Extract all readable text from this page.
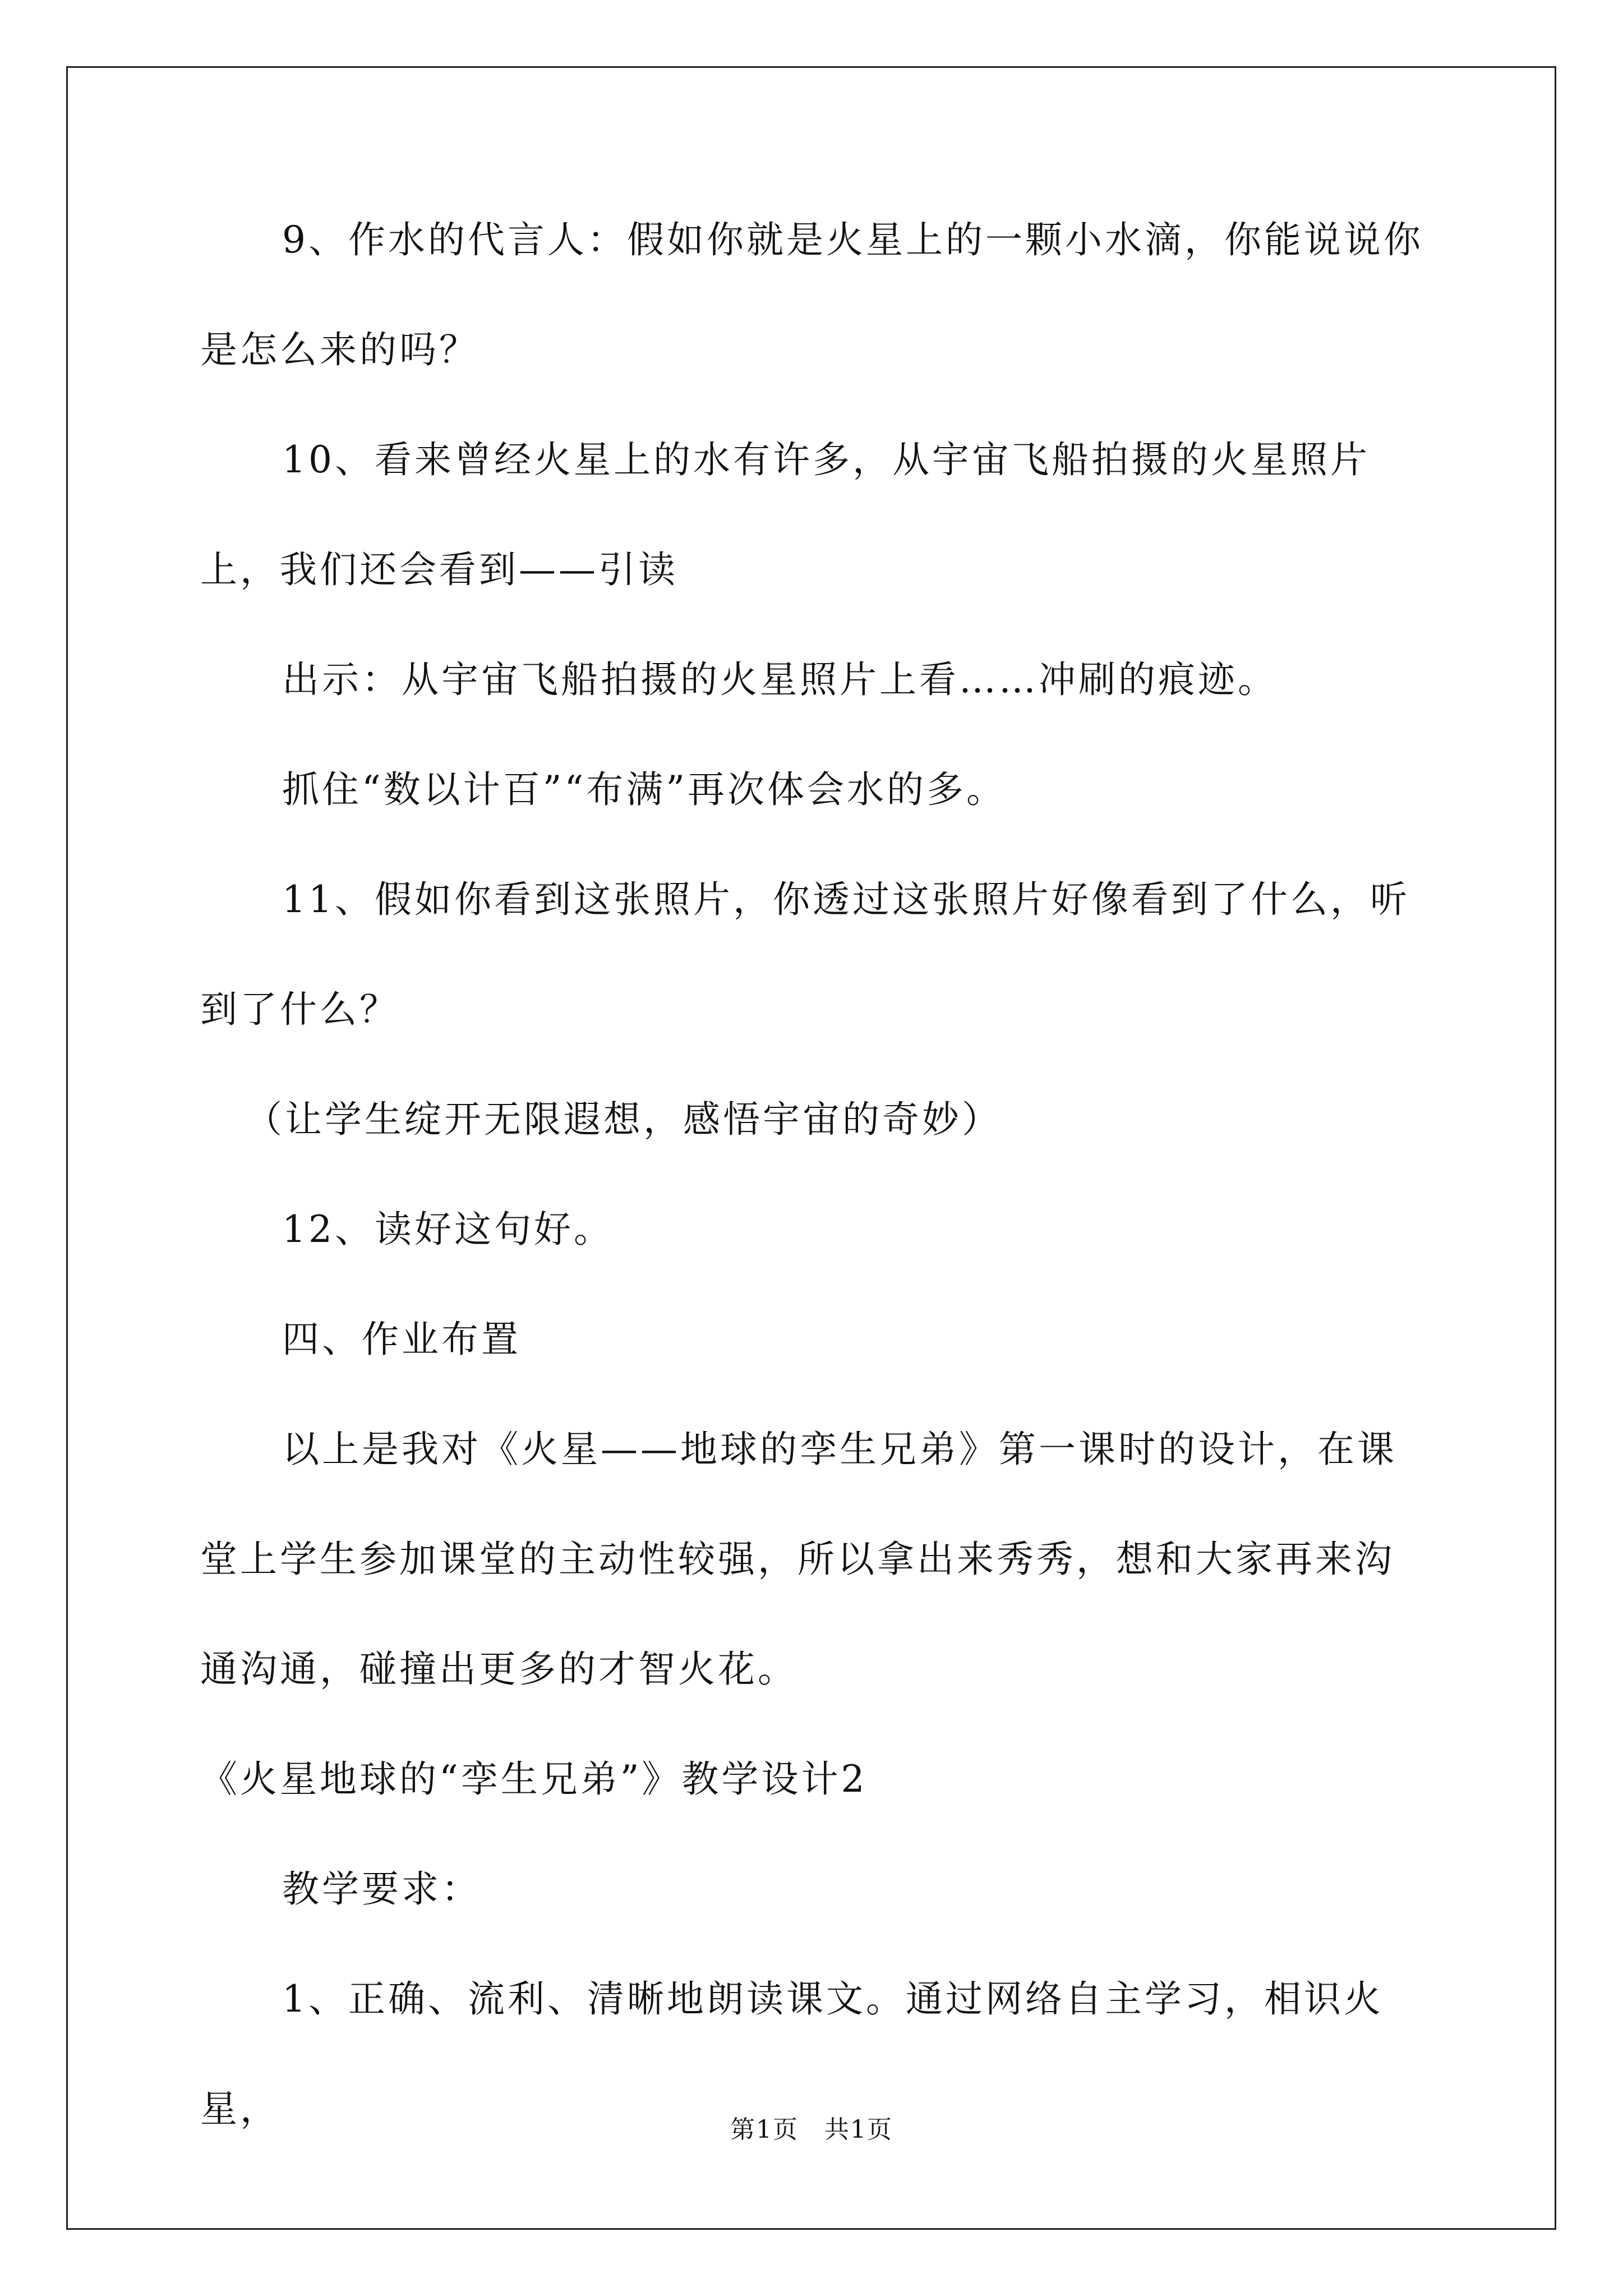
9、作水的代言人：假如你就是火星上的一颗小水滴，你能说说你是怎么来的吗？

10、看来曾经火星上的水有许多，从宇宙飞船拍摄的火星照片上，我们还会看到——引读

出示：从宇宙飞船拍摄的火星照片上看……冲刷的痕迹。

抓住“数以计百”“布满”再次体会水的多。

11、假如你看到这张照片，你透过这张照片好像看到了什么，听到了什么？

（让学生绽开无限遐想，感悟宇宙的奇妙）

12、读好这句好。

四、作业布置

以上是我对《火星——地球的孪生兄弟》第一课时的设计，在课堂上学生参加课堂的主动性较强，所以拿出来秀秀，想和大家再来沟通沟通，碰撞出更多的才智火花。

《火星地球的“孪生兄弟”》教学设计2

教学要求：

1、正确、流利、清晰地朗读课文。通过网络自主学习，相识火星，	第1页　共1页
